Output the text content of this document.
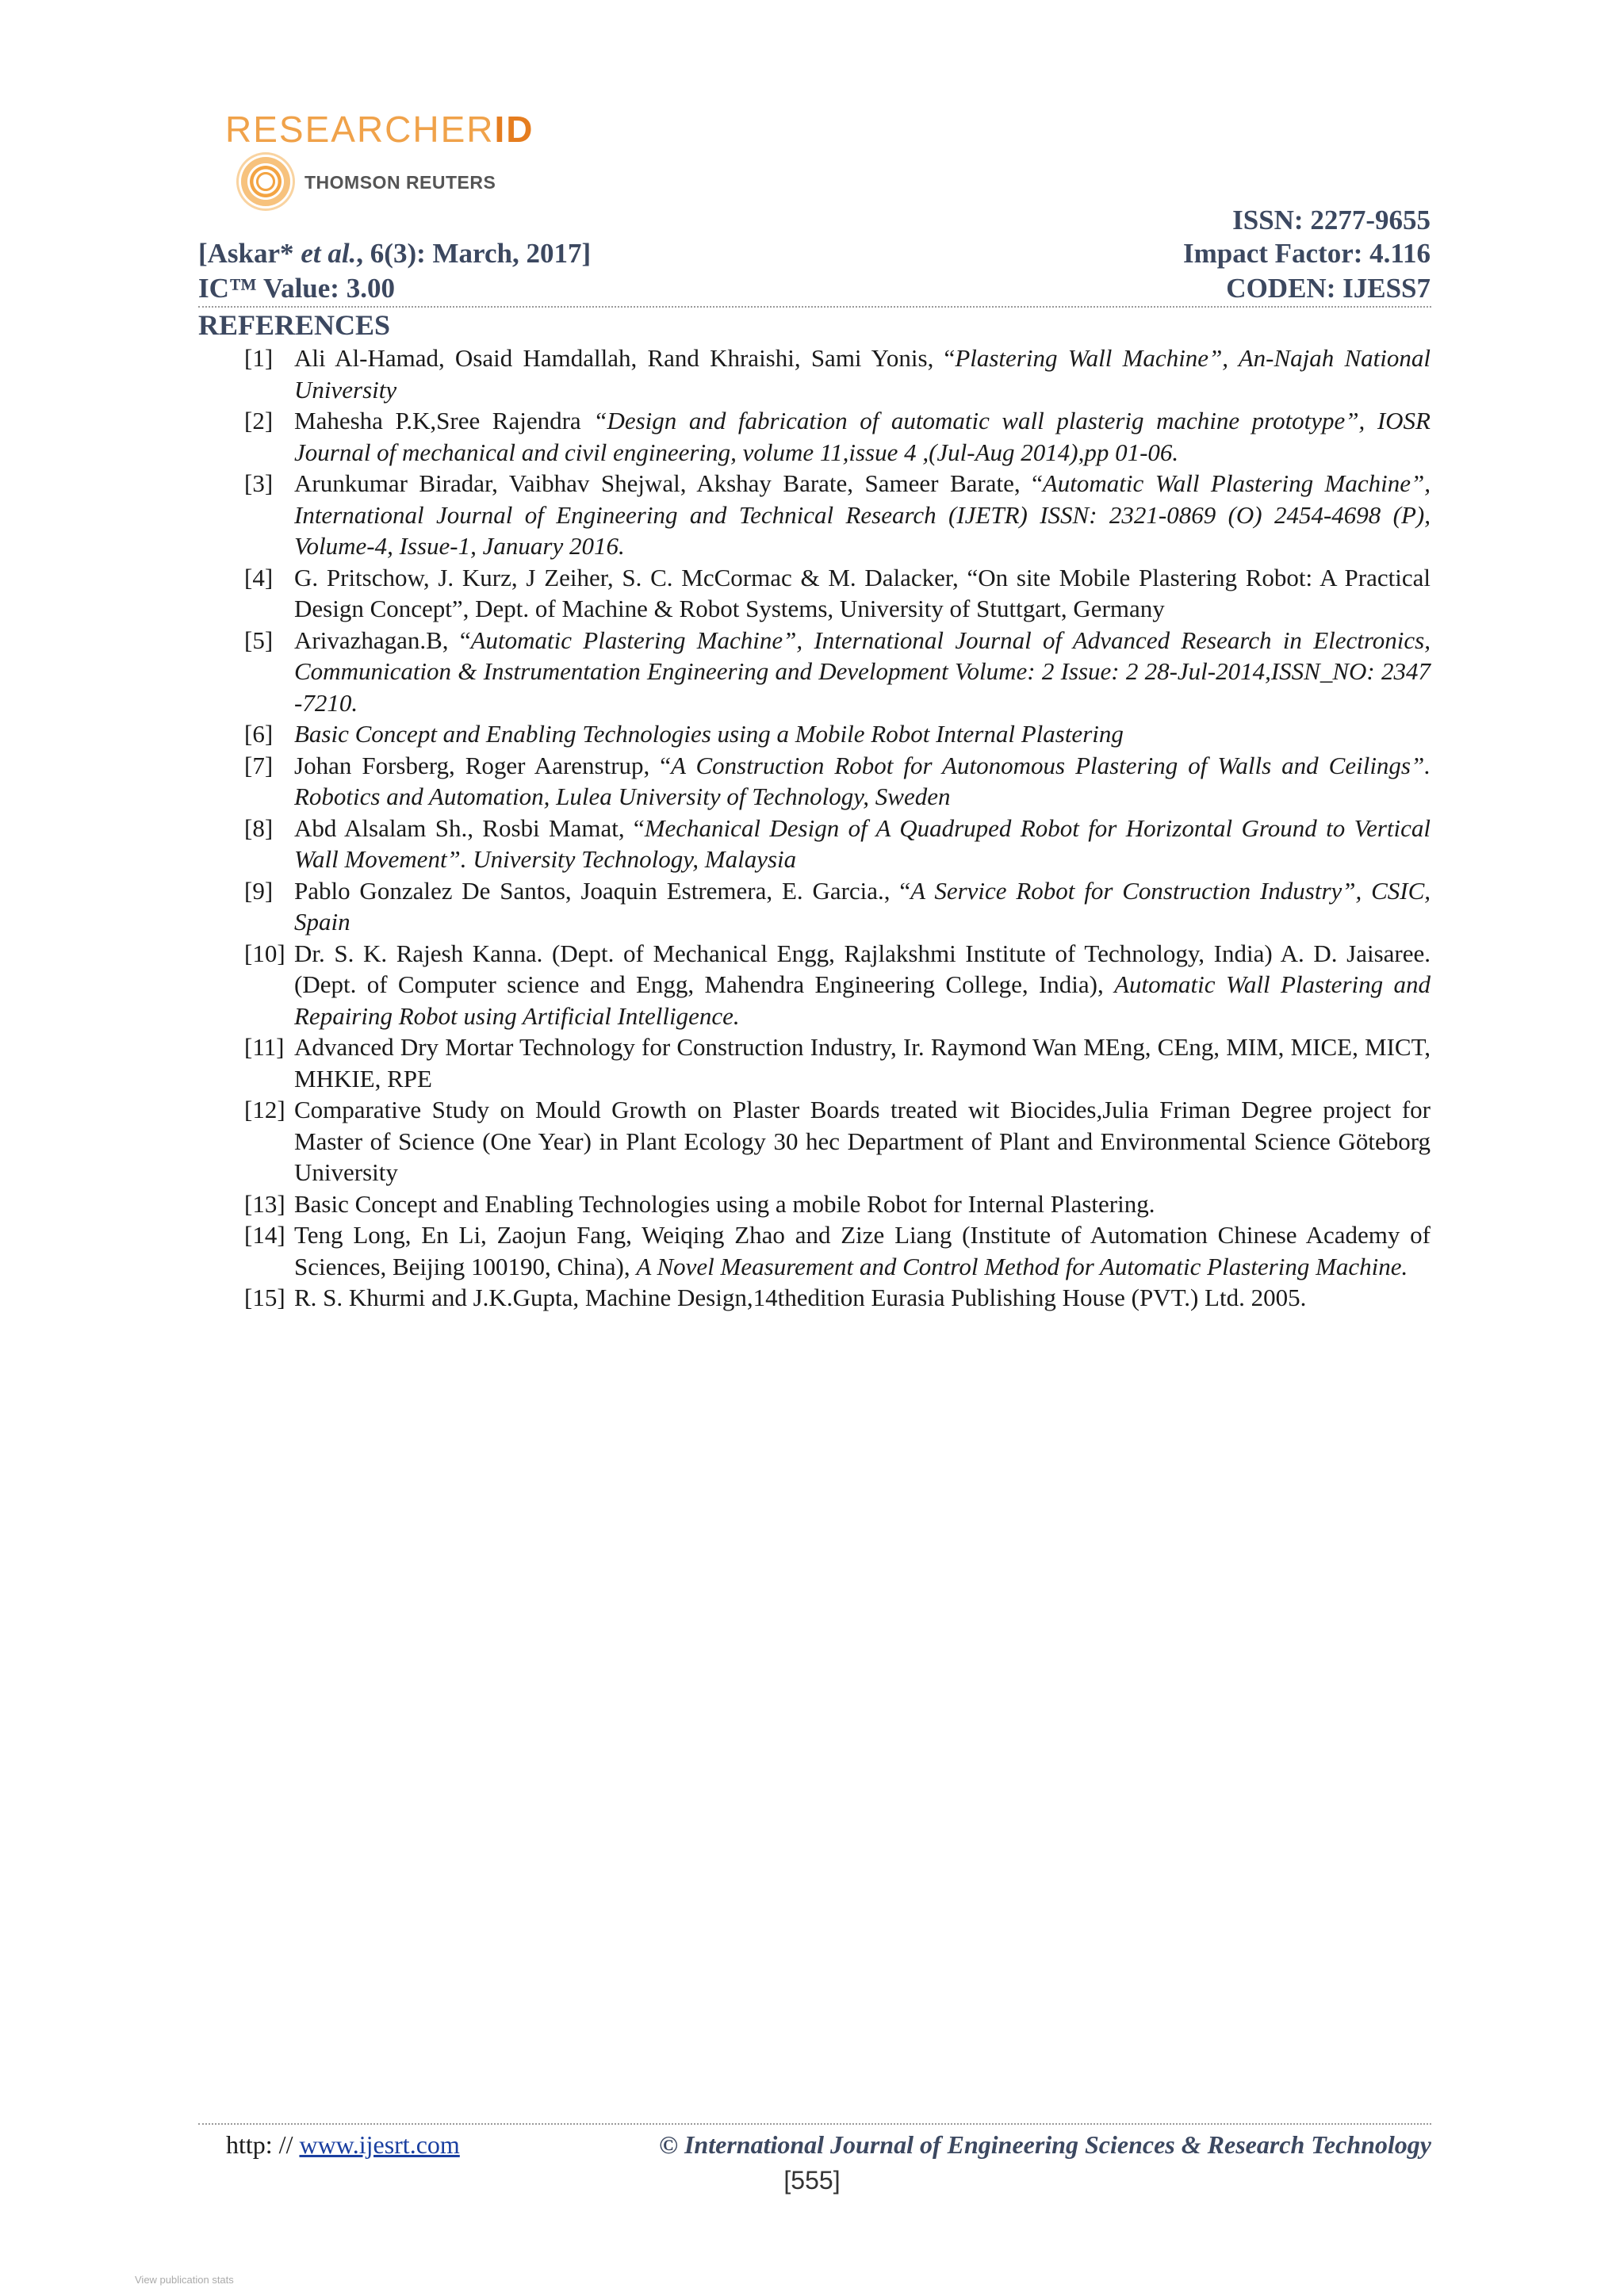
RESEARCHERID
THOMSON REUTERS
ISSN: 2277-9655
[Askar* et al., 6(3): March, 2017]	Impact Factor: 4.116
IC™ Value: 3.00	CODEN: IJESS7
REFERENCES
[1] Ali Al-Hamad, Osaid Hamdallah, Rand Khraishi, Sami Yonis, “Plastering Wall Machine”, An-Najah National University
[2] Mahesha P.K,Sree Rajendra “Design and fabrication of automatic wall plasterig machine prototype”, IOSR Journal of mechanical and civil engineering, volume 11,issue 4 ,(Jul-Aug 2014),pp 01-06.
[3] Arunkumar Biradar, Vaibhav Shejwal, Akshay Barate, Sameer Barate, “Automatic Wall Plastering Machine”, International Journal of Engineering and Technical Research (IJETR) ISSN: 2321-0869 (O) 2454-4698 (P), Volume-4, Issue-1, January 2016.
[4] G. Pritschow, J. Kurz, J Zeiher, S. C. McCormac & M. Dalacker, “On site Mobile Plastering Robot: A Practical Design Concept”, Dept. of Machine & Robot Systems, University of Stuttgart, Germany
[5] Arivazhagan.B, “Automatic Plastering Machine”, International Journal of Advanced Research in Electronics, Communication & Instrumentation Engineering and Development Volume: 2 Issue: 2 28-Jul-2014,ISSN_NO: 2347 -7210.
[6] Basic Concept and Enabling Technologies using a Mobile Robot Internal Plastering
[7] Johan Forsberg, Roger Aarenstrup, “A Construction Robot for Autonomous Plastering of Walls and Ceilings”. Robotics and Automation, Lulea University of Technology, Sweden
[8] Abd Alsalam Sh., Rosbi Mamat, “Mechanical Design of A Quadruped Robot for Horizontal Ground to Vertical Wall Movement”. University Technology, Malaysia
[9] Pablo Gonzalez De Santos, Joaquin Estremera, E. Garcia., “A Service Robot for Construction Industry”, CSIC, Spain
[10] Dr. S. K. Rajesh Kanna. (Dept. of Mechanical Engg, Rajlakshmi Institute of Technology, India) A. D. Jaisaree. (Dept. of Computer science and Engg, Mahendra Engineering College, India), Automatic Wall Plastering and Repairing Robot using Artificial Intelligence.
[11] Advanced Dry Mortar Technology for Construction Industry, Ir. Raymond Wan MEng, CEng, MIM, MICE, MICT, MHKIE, RPE
[12] Comparative Study on Mould Growth on Plaster Boards treated wit Biocides,Julia Friman Degree project for Master of Science (One Year) in Plant Ecology 30 hec Department of Plant and Environmental Science Göteborg University
[13] Basic Concept and Enabling Technologies using a mobile Robot for Internal Plastering.
[14] Teng Long, En Li, Zaojun Fang, Weiqing Zhao and Zize Liang (Institute of Automation Chinese Academy of Sciences, Beijing 100190, China), A Novel Measurement and Control Method for Automatic Plastering Machine.
[15] R. S. Khurmi and J.K.Gupta, Machine Design,14thedition Eurasia Publishing House (PVT.) Ltd. 2005.
http: // www.ijesrt.com	© International Journal of Engineering Sciences & Research Technology
[555]
View publication stats
